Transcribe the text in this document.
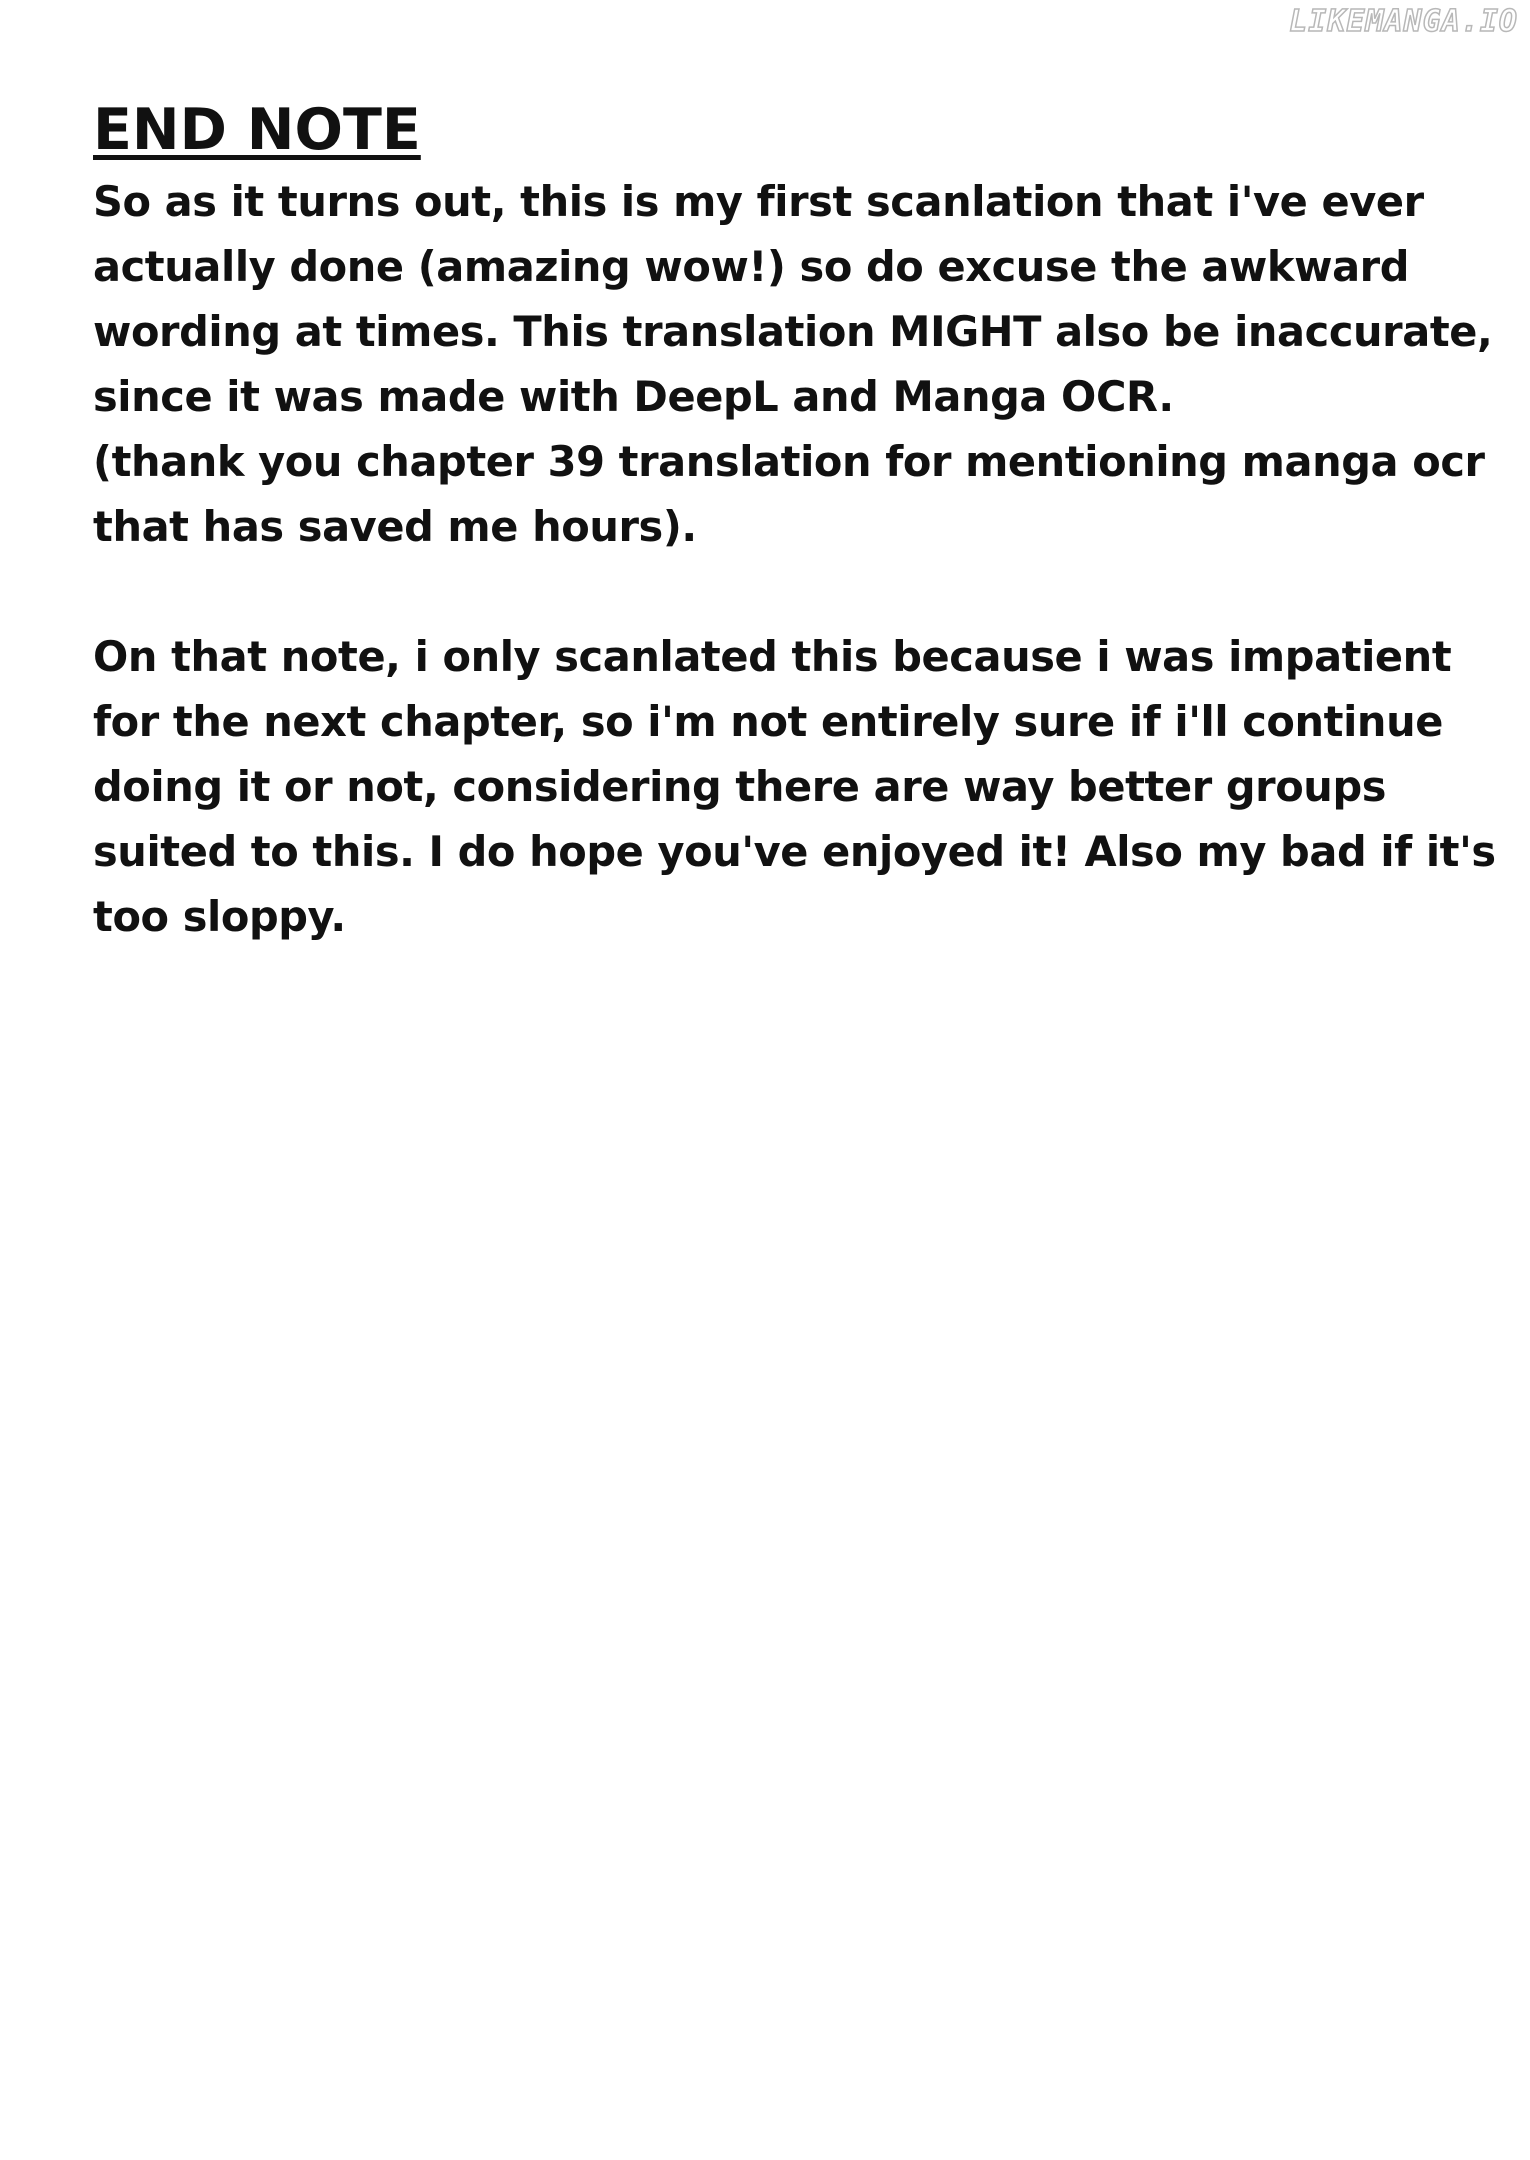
LIKEMANGA.IO
END NOTE
So as it turns out, this is my first scanlation that i've ever
actually done (amazing wow!) so do excuse the awkward
wording at times. This translation MIGHT also be inaccurate,
since it was made with DeepL and Manga OCR.
(thank you chapter 39 translation for mentioning manga ocr
that has saved me hours).
On that note, i only scanlated this because i was impatient
for the next chapter, so i'm not entirely sure if i'll continue
doing it or not, considering there are way better groups
suited to this. I do hope you've enjoyed it! Also my bad if it's
too sloppy.
